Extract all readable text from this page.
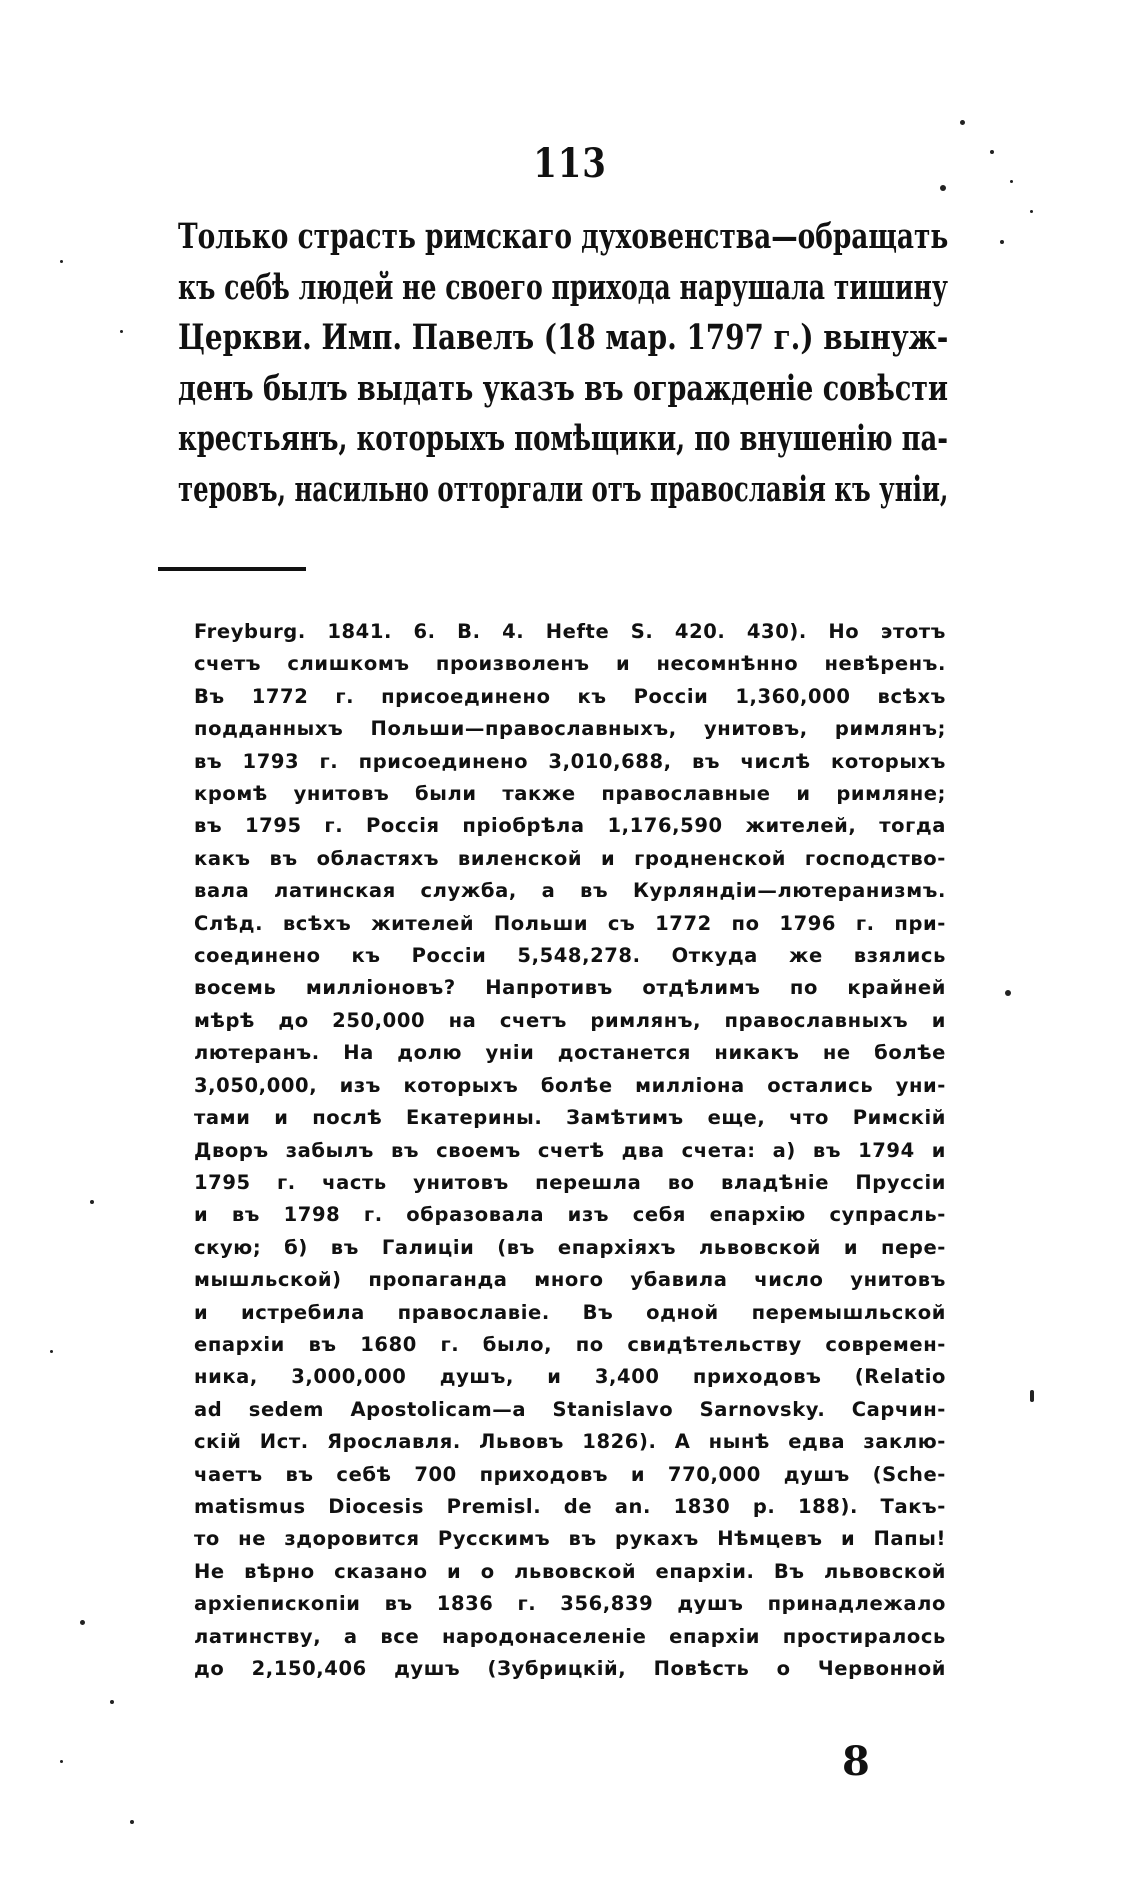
113
Только страсть римскаго духовенства—обращать
къ себѣ людей не своего прихода нарушала тишину
Церкви. Имп. Павелъ (18 мар. 1797 г.) вынуж-
денъ былъ выдать указъ въ огражденіе совѣсти
крестьянъ, которыхъ помѣщики, по внушенію па-
теровъ, насильно отторгали отъ православія къ уніи,
Freyburg. 1841. 6. B. 4. Hefte S. 420. 430). Но этотъ
счетъ слишкомъ произволенъ и несомнѣнно невѣренъ.
Въ 1772 г. присоединено къ Россіи 1,360,000 всѣхъ
подданныхъ Польши—православныхъ, унитовъ, римлянъ;
въ 1793 г. присоединено 3,010,688, въ числѣ которыхъ
кромѣ унитовъ были также православные и римляне;
въ 1795 г. Россія пріобрѣла 1,176,590 жителей, тогда
какъ въ областяхъ виленской и гродненской господство-
вала латинская служба, а въ Курляндіи—лютеранизмъ.
Слѣд. всѣхъ жителей Польши съ 1772 по 1796 г. при-
соединено къ Россіи 5,548,278. Откуда же взялись
восемь милліоновъ? Напротивъ отдѣлимъ по крайней
мѣрѣ до 250,000 на счетъ римлянъ, православныхъ и
лютеранъ. На долю уніи достанется никакъ не болѣе
3,050,000, изъ которыхъ болѣе милліона остались уни-
тами и послѣ Екатерины. Замѣтимъ еще, что Римскій
Дворъ забылъ въ своемъ счетѣ два счета: а) въ 1794 и
1795 г. часть унитовъ перешла во владѣніе Пруссіи
и въ 1798 г. образовала изъ себя епархію супрасль-
скую; б) въ Галиціи (въ епархіяхъ львовской и пере-
мышльской) пропаганда много убавила число унитовъ
и истребила православіе. Въ одной перемышльской
епархіи въ 1680 г. было, по свидѣтельству современ-
ника, 3,000,000 душъ, и 3,400 приходовъ (Relatio
ad sedem Apostolicam—a Stanislavo Sarnovsky. Сарчин-
скій Ист. Ярославля. Львовъ 1826). А нынѣ едва заклю-
чаетъ въ себѣ 700 приходовъ и 770,000 душъ (Sche-
matismus Diocesis Premisl. de an. 1830 p. 188). Такъ-
то не здоровится Русскимъ въ рукахъ Нѣмцевъ и Папы!
Не вѣрно сказано и о львовской епархіи. Въ львовской
архіепископіи въ 1836 г. 356,839 душъ принадлежало
латинству, а все народонаселеніе епархіи простиралось
до 2,150,406 душъ (Зубрицкій, Повѣсть о Червонной
8
